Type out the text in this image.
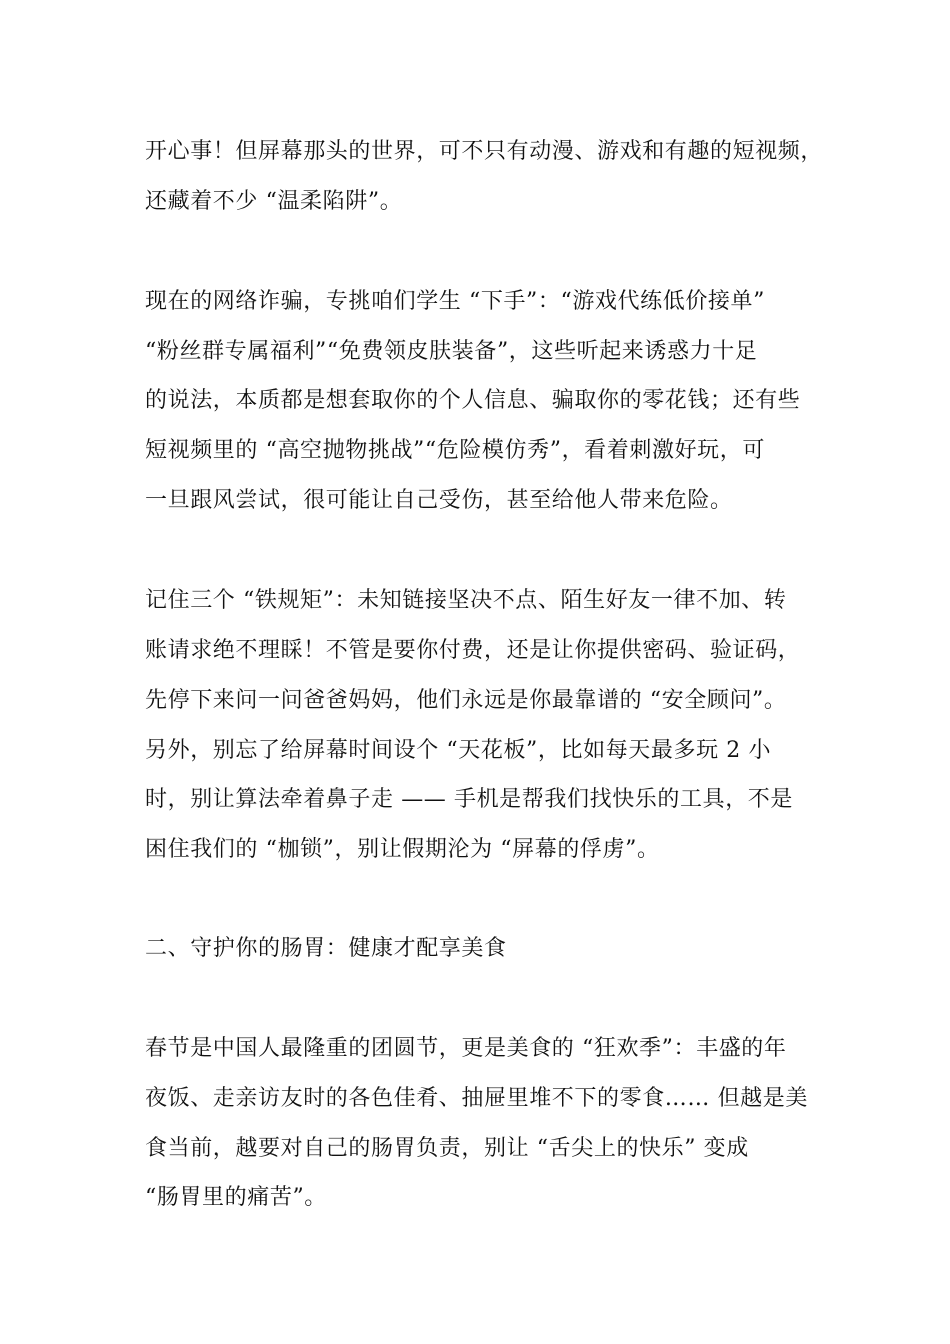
开心事！但屏幕那头的世界，可不只有动漫、游戏和有趣的短视频，
还藏着不少 “温柔陷阱”。
现在的网络诈骗，专挑咱们学生 “下手”：“游戏代练低价接单”
“粉丝群专属福利”“免费领皮肤装备”，这些听起来诱惑力十足
的说法，本质都是想套取你的个人信息、骗取你的零花钱；还有些
短视频里的 “高空抛物挑战”“危险模仿秀”，看着刺激好玩，可
一旦跟风尝试，很可能让自己受伤，甚至给他人带来危险。
记住三个 “铁规矩”：未知链接坚决不点、陌生好友一律不加、转
账请求绝不理睬！不管是要你付费，还是让你提供密码、验证码，
先停下来问一问爸爸妈妈，他们永远是你最靠谱的 “安全顾问”。
另外，别忘了给屏幕时间设个 “天花板”，比如每天最多玩 2 小
时，别让算法牵着鼻子走 —— 手机是帮我们找快乐的工具，不是
困住我们的 “枷锁”，别让假期沦为 “屏幕的俘虏”。
二、守护你的肠胃：健康才配享美食
春节是中国人最隆重的团圆节，更是美食的 “狂欢季”：丰盛的年
夜饭、走亲访友时的各色佳肴、抽屉里堆不下的零食…… 但越是美
食当前，越要对自己的肠胃负责，别让 “舌尖上的快乐” 变成
“肠胃里的痛苦”。
